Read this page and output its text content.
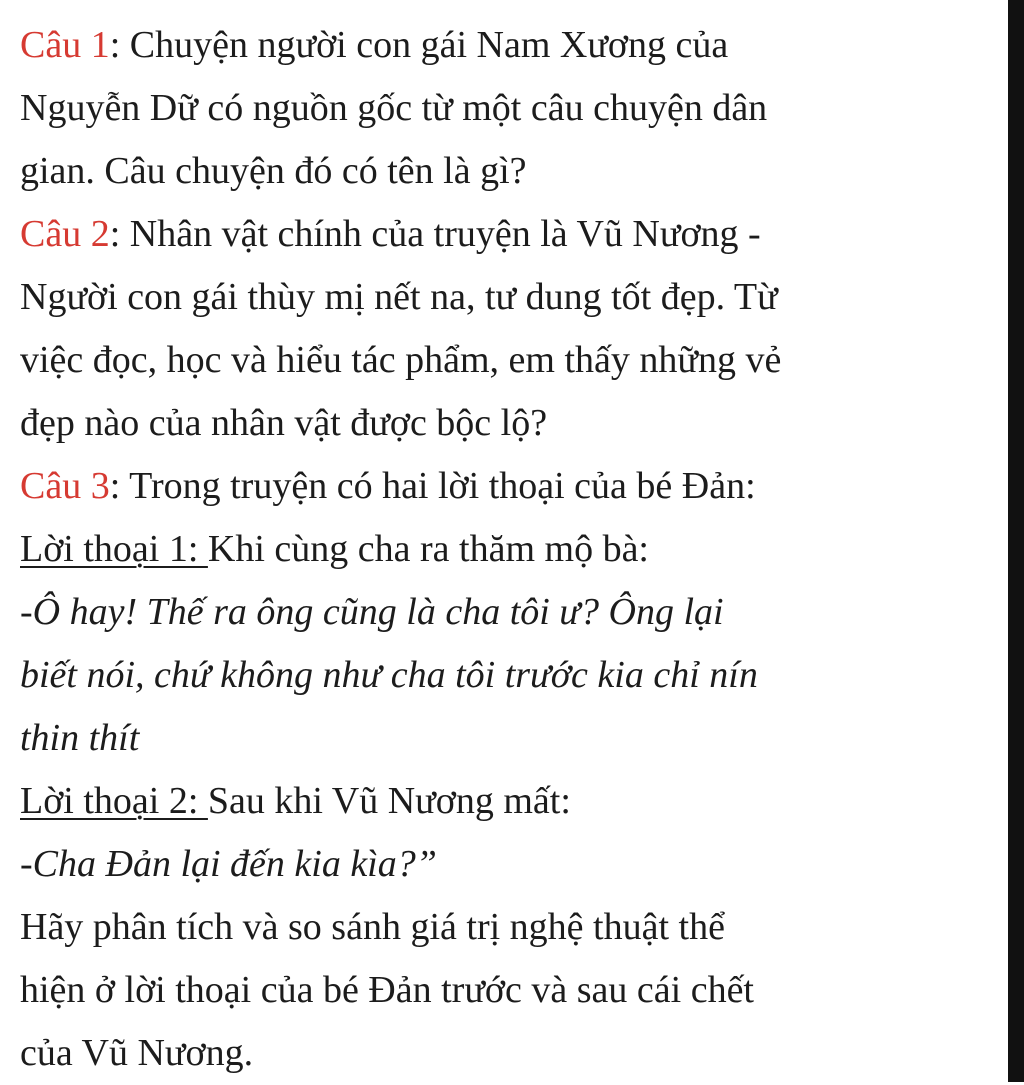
Câu 1: Chuyện người con gái Nam Xương của
Nguyễn Dữ có nguồn gốc từ một câu chuyện dân
gian. Câu chuyện đó có tên là gì?
Câu 2: Nhân vật chính của truyện là Vũ Nương -
Người con gái thùy mị nết na, tư dung tốt đẹp. Từ
việc đọc, học và hiểu tác phẩm, em thấy những vẻ
đẹp nào của nhân vật được bộc lộ?
Câu 3: Trong truyện có hai lời thoại của bé Đản:
Lời thoại 1: Khi cùng cha ra thăm mộ bà:
-Ô hay! Thế ra ông cũng là cha tôi ư? Ông lại
biết nói, chứ không như cha tôi trước kia chỉ nín
thin thít
Lời thoại 2: Sau khi Vũ Nương mất:
-Cha Đản lại đến kia kìa?”
Hãy phân tích và so sánh giá trị nghệ thuật thể
hiện ở lời thoại của bé Đản trước và sau cái chết
của Vũ Nương.
